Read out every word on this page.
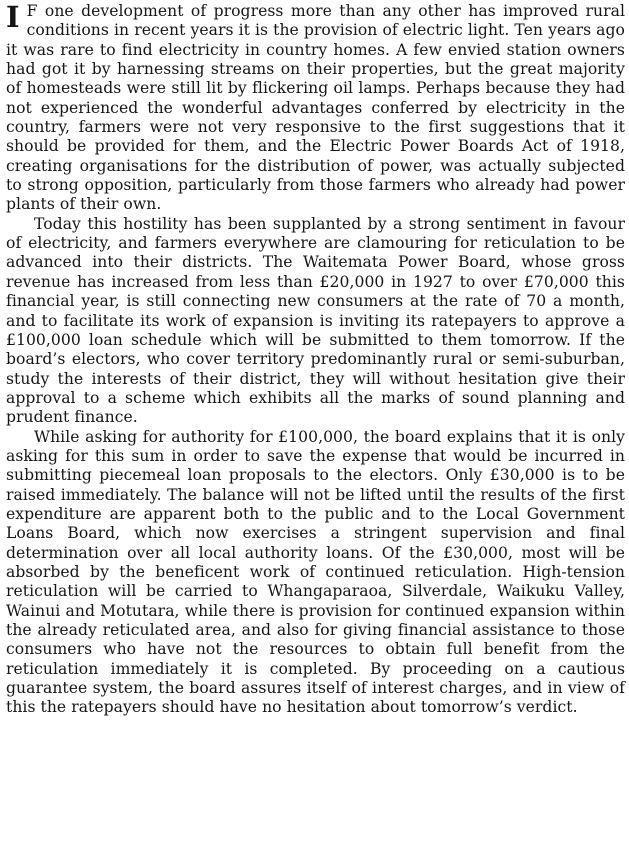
I F one development of progress more than any other has improved rural conditions in recent years it is the provision of electric light. Ten years ago it was rare to find electricity in country homes. A few envied station owners had got it by harnessing streams on their properties, but the great majority of homesteads were still lit by flickering oil lamps. Perhaps because they had not experienced the wonderful advantages conferred by electricity in the country, farmers were not very responsive to the first suggestions that it should be provided for them, and the Electric Power Boards Act of 1918, creating organisations for the distribution of power, was actually subjected to strong opposition, particularly from those farmers who already had power plants of their own.

Today this hostility has been supplanted by a strong sentiment in favour of electricity, and farmers everywhere are clamouring for reticulation to be advanced into their districts. The Waitemata Power Board, whose gross revenue has increased from less than £20,000 in 1927 to over £70,000 this financial year, is still connecting new consumers at the rate of 70 a month, and to facilitate its work of expansion is inviting its ratepayers to approve a £100,000 loan schedule which will be submitted to them tomorrow. If the board’s electors, who cover territory predominantly rural or semi-suburban, study the interests of their district, they will without hesitation give their approval to a scheme which exhibits all the marks of sound planning and prudent finance.

While asking for authority for £100,000, the board explains that it is only asking for this sum in order to save the expense that would be incurred in submitting piecemeal loan proposals to the electors. Only £30,000 is to be raised immediately. The balance will not be lifted until the results of the first expenditure are apparent both to the public and to the Local Government Loans Board, which now exercises a stringent supervision and final determination over all local authority loans. Of the £30,000, most will be absorbed by the beneficent work of continued reticulation. High-tension reticulation will be carried to Whangaparaoa, Silverdale, Waikuku Valley, Wainui and Motutara, while there is provision for continued expansion within the already reticulated area, and also for giving financial assistance to those consumers who have not the resources to obtain full benefit from the reticulation immediately it is completed. By proceeding on a cautious guarantee system, the board assures itself of interest charges, and in view of this the ratepayers should have no hesitation about tomorrow’s verdict.
